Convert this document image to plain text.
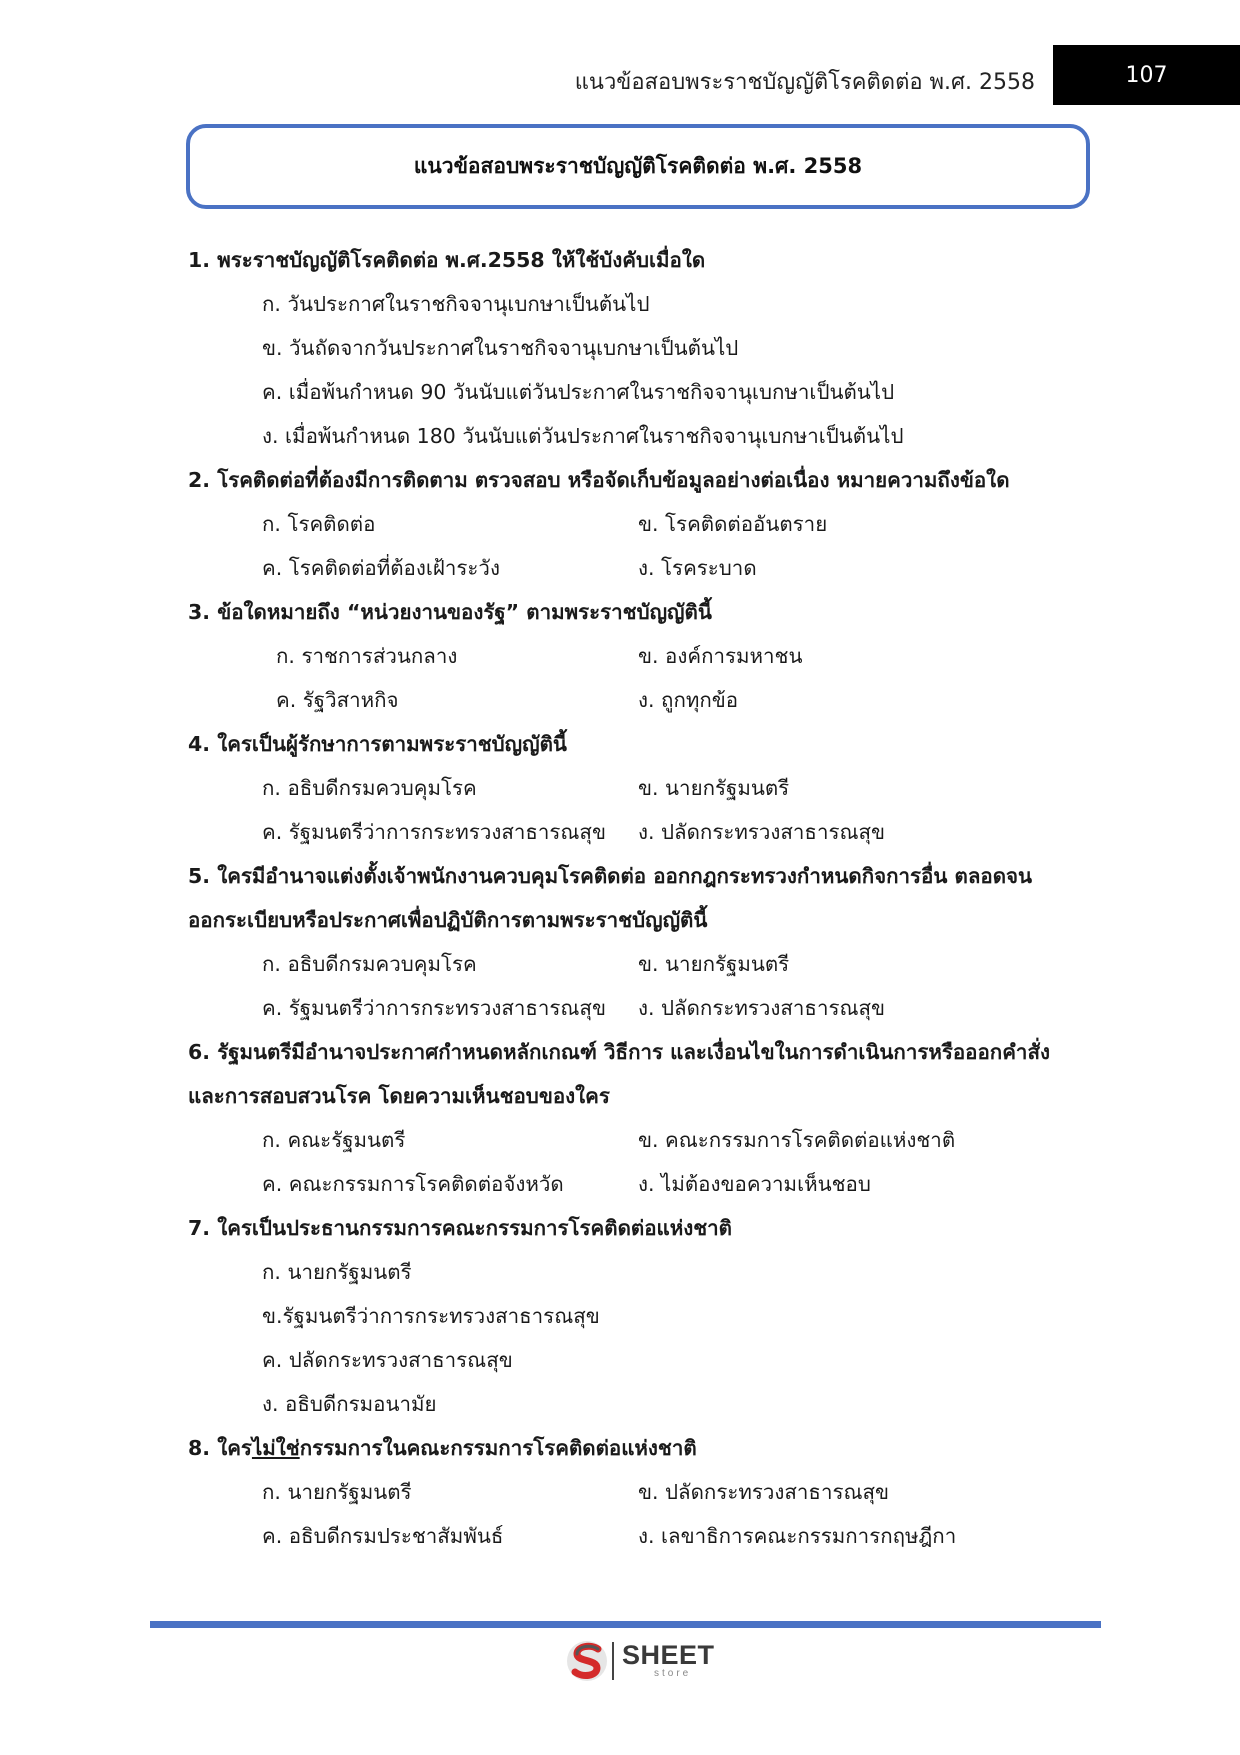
แนวข้อสอบพระราชบัญญัติโรคติดต่อ พ.ศ. 2558	107
แนวข้อสอบพระราชบัญญัติโรคติดต่อ พ.ศ. 2558
1. พระราชบัญญัติโรคติดต่อ พ.ศ.2558 ให้ใช้บังคับเมื่อใด
ก. วันประกาศในราชกิจจานุเบกษาเป็นต้นไป
ข. วันถัดจากวันประกาศในราชกิจจานุเบกษาเป็นต้นไป
ค. เมื่อพ้นกำหนด 90 วันนับแต่วันประกาศในราชกิจจานุเบกษาเป็นต้นไป
ง. เมื่อพ้นกำหนด 180 วันนับแต่วันประกาศในราชกิจจานุเบกษาเป็นต้นไป
2. โรคติดต่อที่ต้องมีการติดตาม ตรวจสอบ หรือจัดเก็บข้อมูลอย่างต่อเนื่อง หมายความถึงข้อใด
ก. โรคติดต่อ	ข. โรคติดต่ออันตราย
ค. โรคติดต่อที่ต้องเฝ้าระวัง	ง. โรคระบาด
3. ข้อใดหมายถึง “หน่วยงานของรัฐ” ตามพระราชบัญญัตินี้
ก. ราชการส่วนกลาง	ข. องค์การมหาชน
ค. รัฐวิสาหกิจ	ง. ถูกทุกข้อ
4. ใครเป็นผู้รักษาการตามพระราชบัญญัตินี้
ก. อธิบดีกรมควบคุมโรค	ข. นายกรัฐมนตรี
ค. รัฐมนตรีว่าการกระทรวงสาธารณสุข	ง. ปลัดกระทรวงสาธารณสุข
5. ใครมีอำนาจแต่งตั้งเจ้าพนักงานควบคุมโรคติดต่อ ออกกฎกระทรวงกำหนดกิจการอื่น ตลอดจน
ออกระเบียบหรือประกาศเพื่อปฏิบัติการตามพระราชบัญญัตินี้
ก. อธิบดีกรมควบคุมโรค	ข. นายกรัฐมนตรี
ค. รัฐมนตรีว่าการกระทรวงสาธารณสุข	ง. ปลัดกระทรวงสาธารณสุข
6. รัฐมนตรีมีอำนาจประกาศกำหนดหลักเกณฑ์ วิธีการ และเงื่อนไขในการดำเนินการหรือออกคำสั่ง
และการสอบสวนโรค โดยความเห็นชอบของใคร
ก. คณะรัฐมนตรี	ข. คณะกรรมการโรคติดต่อแห่งชาติ
ค. คณะกรรมการโรคติดต่อจังหวัด	ง. ไม่ต้องขอความเห็นชอบ
7. ใครเป็นประธานกรรมการคณะกรรมการโรคติดต่อแห่งชาติ
ก. นายกรัฐมนตรี
ข.รัฐมนตรีว่าการกระทรวงสาธารณสุข
ค. ปลัดกระทรวงสาธารณสุข
ง. อธิบดีกรมอนามัย
8. ใครไม่ใช่กรรมการในคณะกรรมการโรคติดต่อแห่งชาติ
ก. นายกรัฐมนตรี	ข. ปลัดกระทรวงสาธารณสุข
ค. อธิบดีกรมประชาสัมพันธ์	ง. เลขาธิการคณะกรรมการกฤษฎีกา
SHEET
store
